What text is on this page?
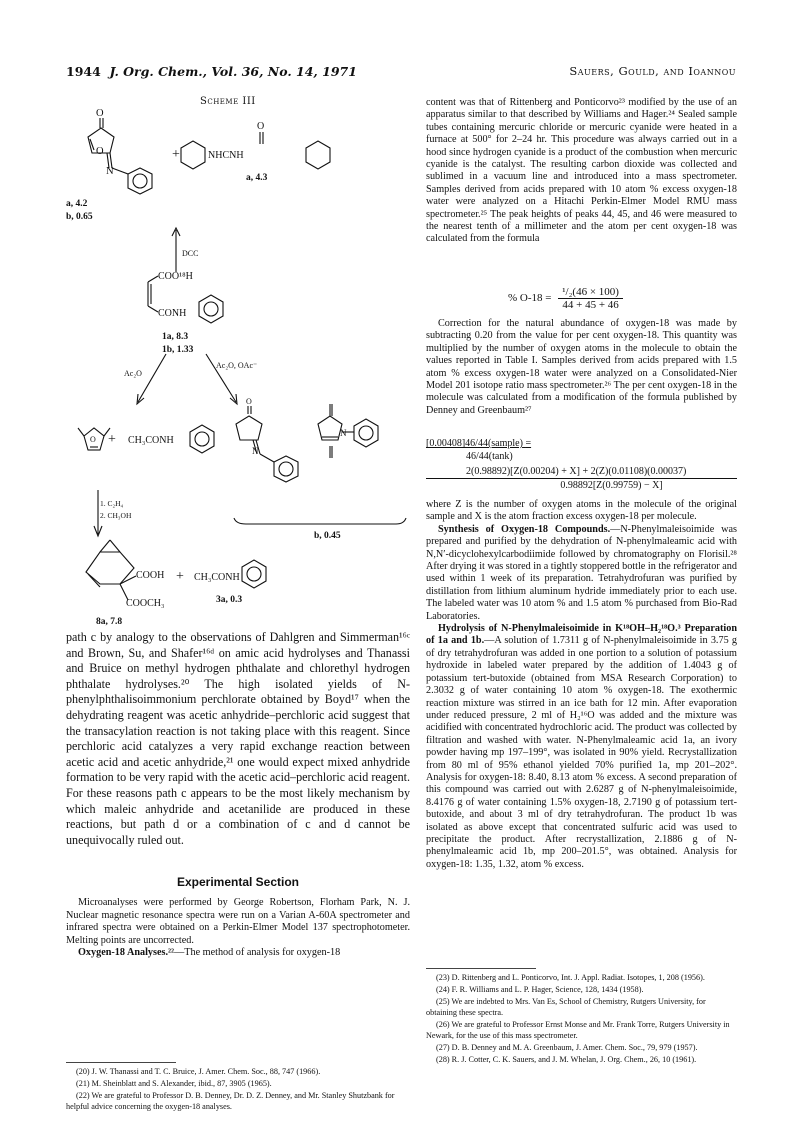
1944 J. Org. Chem., Vol. 36, No. 14, 1971	Sauers, Gould, and Ioannou
Scheme III
O
O
N
a, 4.2
b, 0.65
+	NHCNH
O
a, 4.3
DCC
COO¹⁸H
CONH
1a, 8.3
1b, 1.33
Ac₂O
Ac₂O, OAc⁻
O + CH₃CONH
O
N
N
1. C₂H₄
2. CH₃OH
b, 0.45
COOH
COOCH₃
8a, 7.8
+ CH₃CONH
3a, 0.3

path c by analogy to the observations of Dahlgren and Simmerman¹⁶ᶜ and Brown, Su, and Shafer¹⁶ᵈ on amic acid hydrolyses and Thanassi and Bruice on methyl hydrogen phthalate and chlorethyl hydrogen phthalate hydrolyses.²⁰ The high isolated yields of N-phenylphthalisoimmonium perchlorate obtained by Boyd¹⁷ when the dehydrating reagent was acetic anhydride–perchloric acid suggest that the transacylation reaction is not taking place with this reagent. Since perchloric acid catalyzes a very rapid exchange reaction between acetic acid and acetic anhydride,²¹ one would expect mixed anhydride formation to be very rapid with the acetic acid–perchloric acid reagent. For these reasons path c appears to be the most likely mechanism by which maleic anhydride and acetanilide are produced in these reactions, but path d or a combination of c and d cannot be unequivocally ruled out.

Experimental Section

Microanalyses were performed by George Robertson, Florham Park, N. J. Nuclear magnetic resonance spectra were run on a Varian A-60A spectrometer and infrared spectra were obtained on a Perkin-Elmer Model 137 spectrophotometer. Melting points are uncorrected.

Oxygen-18 Analyses.²²—The method of analysis for oxygen-18

(20) J. W. Thanassi and T. C. Bruice, J. Amer. Chem. Soc., 88, 747 (1966).

(21) M. Sheinblatt and S. Alexander, ibid., 87, 3905 (1965).

(22) We are grateful to Professor D. B. Denney, Dr. D. Z. Denney, and Mr. Stanley Shutzbank for helpful advice concerning the oxygen-18 analyses.

content was that of Rittenberg and Ponticorvo²³ modified by the use of an apparatus similar to that described by Williams and Hager.²⁴ Sealed sample tubes containing mercuric chloride or mercuric cyanide were heated in a furnace at 500° for 2–24 hr. This procedure was always carried out in a hood since hydrogen cyanide is a product of the combustion when mercuric cyanide is the catalyst. The resulting carbon dioxide was collected and sublimed in a vacuum line and introduced into a mass spectrometer. Samples derived from acids prepared with 10 atom % excess oxygen-18 water were analyzed on a Hitachi Perkin-Elmer Model RMU mass spectrometer.²⁵ The peak heights of peaks 44, 45, and 46 were measured to the nearest tenth of a millimeter and the atom per cent oxygen-18 was calculated from the formula

% $O-18 = \frac{\text{¹/₂(46 × 100)}}{44 + 45 + 46}$

Correction for the natural abundance of oxygen-18 was made by subtracting 0.20 from the value for per cent oxygen-18. This quantity was multiplied by the number of oxygen atoms in the molecule to obtain the values reported in Table I. Samples derived from acids prepared with 1.5 atom % excess oxygen-18 water were analyzed on a Consolidated-Nier Model 201 isotope ratio mass spectrometer.²⁶ The per cent oxygen-18 in the molecule was calculated from a modification of the formula published by Denney and Greenbaum²⁷

[0.00408]46/44(sample) =
46/44(tank)
2(0.98892)[Z(0.00204) + X] + 2(Z)(0.01108)(0.00037)
0.98892[Z(0.99759) − X]

where Z is the number of oxygen atoms in the molecule of the original sample and X is the atom fraction excess oxygen-18 per molecule.

Synthesis of Oxygen-18 Compounds.—N-Phenylmaleisoimide was prepared and purified by the dehydration of N-phenylmaleamic acid with N,N′-dicyclohexylcarbodiimide followed by chromatography on Florisil.²⁸ After drying it was stored in a tightly stoppered bottle in the refrigerator and used within 1 week of its preparation. Tetrahydrofuran was purified by distillation from lithium aluminum hydride immediately prior to each use. The labeled water was 10 atom % and 1.5 atom % purchased from Bio-Rad Laboratories.

Hydrolysis of N-Phenylmaleisoimide in K¹⁸OH–H₂¹⁸O.³ Preparation of 1a and 1b.—A solution of 1.7311 g of N-phenylmaleisoimide in 3.75 g of dry tetrahydrofuran was added in one portion to a solution of potassium hydroxide in labeled water prepared by the addition of 1.4043 g of potassium tert-butoxide (obtained from MSA Research Corporation) to 2.3032 g of water containing 10 atom % oxygen-18. The exothermic reaction mixture was stirred in an ice bath for 12 min. After evaporation under reduced pressure, 2 ml of H₂¹⁶O was added and the mixture was acidified with concentrated hydrochloric acid. The product was collected by filtration and washed with water. N-Phenylmaleamic acid 1a, an ivory powder having mp 197–199°, was isolated in 90% yield. Recrystallization from 80 ml of 95% ethanol yielded 70% purified 1a, mp 201–202°. Analysis for oxygen-18: 8.40, 8.13 atom % excess. A second preparation of this compound was carried out with 2.6287 g of N-phenylmaleisoimide, 8.4176 g of water containing 1.5% oxygen-18, 2.7190 g of potassium tert-butoxide, and about 3 ml of dry tetrahydrofuran. The product 1b was isolated as above except that concentrated sulfuric acid was used to precipitate the product. After recrystallization, 2.1886 g of N-phenylmaleamic acid 1b, mp 200–201.5°, was obtained. Analysis for oxygen-18: 1.35, 1.32, atom % excess.

(23) D. Rittenberg and L. Ponticorvo, Int. J. Appl. Radiat. Isotopes, 1, 208 (1956).

(24) F. R. Williams and L. P. Hager, Science, 128, 1434 (1958).

(25) We are indebted to Mrs. Van Es, School of Chemistry, Rutgers University, for obtaining these spectra.

(26) We are grateful to Professor Ernst Monse and Mr. Frank Torre, Rutgers University in Newark, for the use of this mass spectrometer.

(27) D. B. Denney and M. A. Greenbaum, J. Amer. Chem. Soc., 79, 979 (1957).

(28) R. J. Cotter, C. K. Sauers, and J. M. Whelan, J. Org. Chem., 26, 10 (1961).
